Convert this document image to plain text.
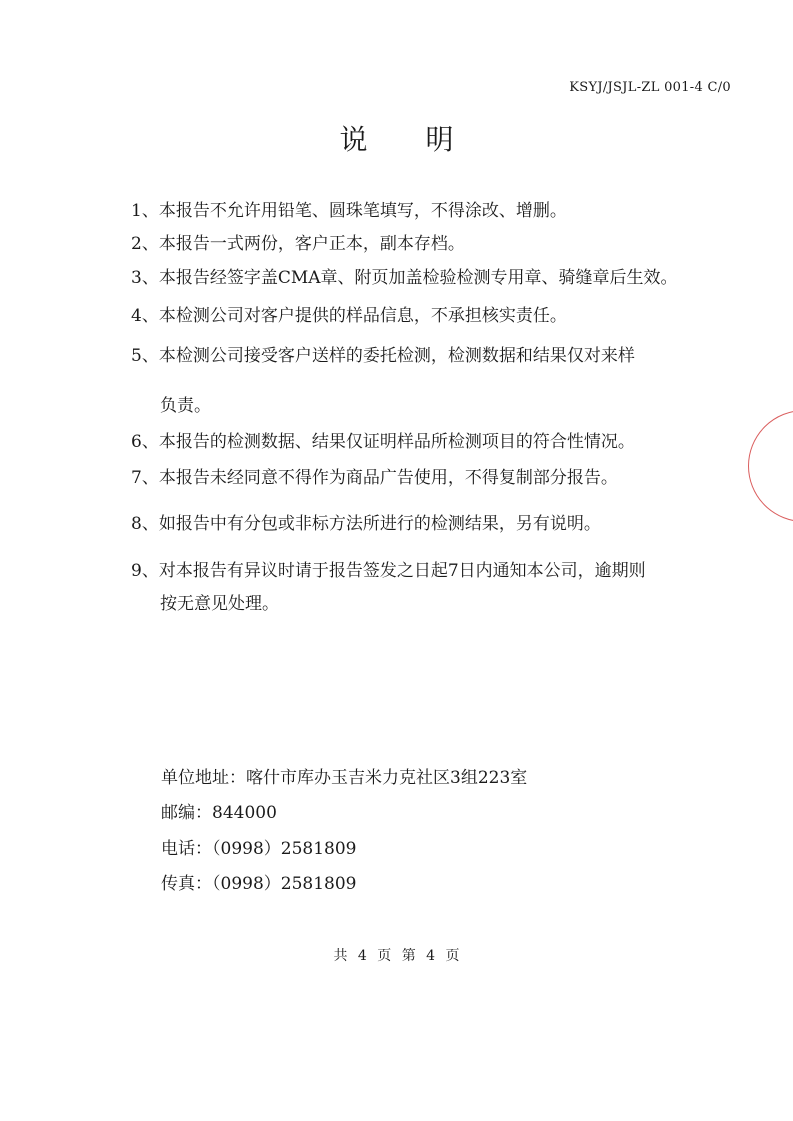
KSYJ/JSJL-ZL 001-4 C/0
说明
1、本报告不允许用铅笔、圆珠笔填写，不得涂改、增删。
2、本报告一式两份，客户正本，副本存档。
3、本报告经签字盖CMA章、附页加盖检验检测专用章、骑缝章后生效。
4、本检测公司对客户提供的样品信息，不承担核实责任。
5、本检测公司接受客户送样的委托检测，检测数据和结果仅对来样
负责。
6、本报告的检测数据、结果仅证明样品所检测项目的符合性情况。
7、本报告未经同意不得作为商品广告使用，不得复制部分报告。
8、如报告中有分包或非标方法所进行的检测结果，另有说明。
9、对本报告有异议时请于报告签发之日起7日内通知本公司，逾期则
按无意见处理。
单位地址：喀什市库办玉吉米力克社区3组223室
邮编：844000
电话：（0998）2581809
传真：（0998）2581809
共 4 页 第 4 页
